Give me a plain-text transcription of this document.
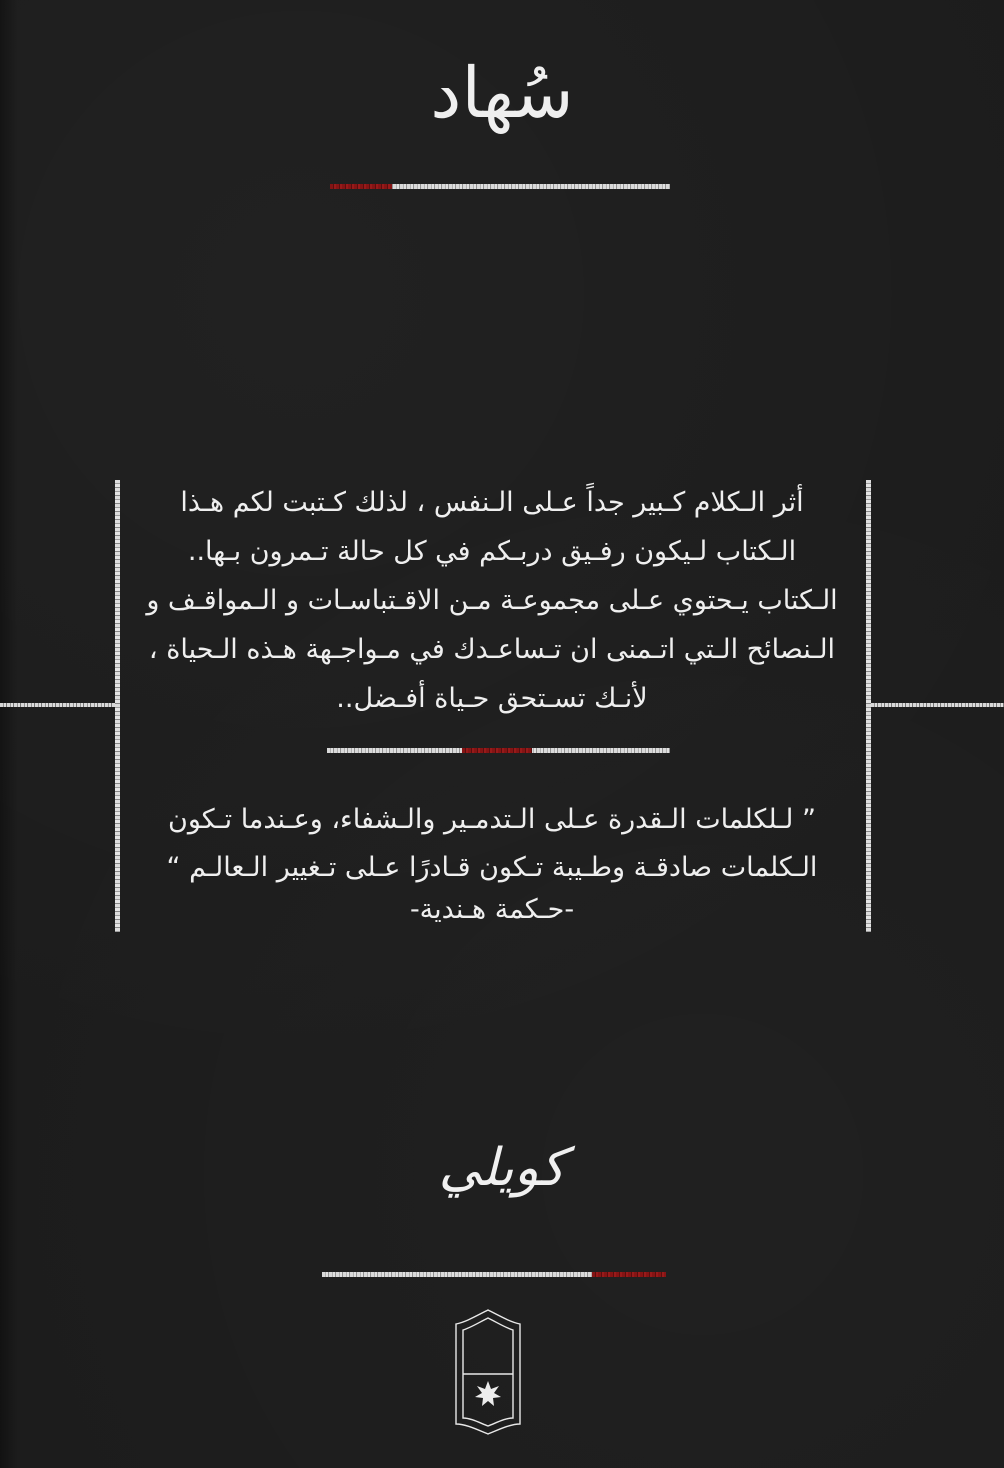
سُهاد
أثر الـكلام كـبير جداً عـلى الـنفس ، لذلك كـتبت لكم هـذا
الـكتاب لـيكون رفـيق دربـكم في كل حالة تـمرون بـها..
الـكتاب يـحتوي عـلى مجموعـة مـن الاقـتباسـات و الـمواقـف و
الـنصائح الـتي اتـمنى ان تـساعـدك في مـواجـهة هـذه الـحياة ،
لأنـك تسـتحق حـياة أفـضل..
” لـلكلمات الـقدرة عـلى الـتدمـير والـشفاء، وعـندما تـكون
الـكلمات صادقـة وطـيبة تـكون قـادرًا عـلى تـغيير الـعالـم “
-حـكمة هـندية-
كويلي
